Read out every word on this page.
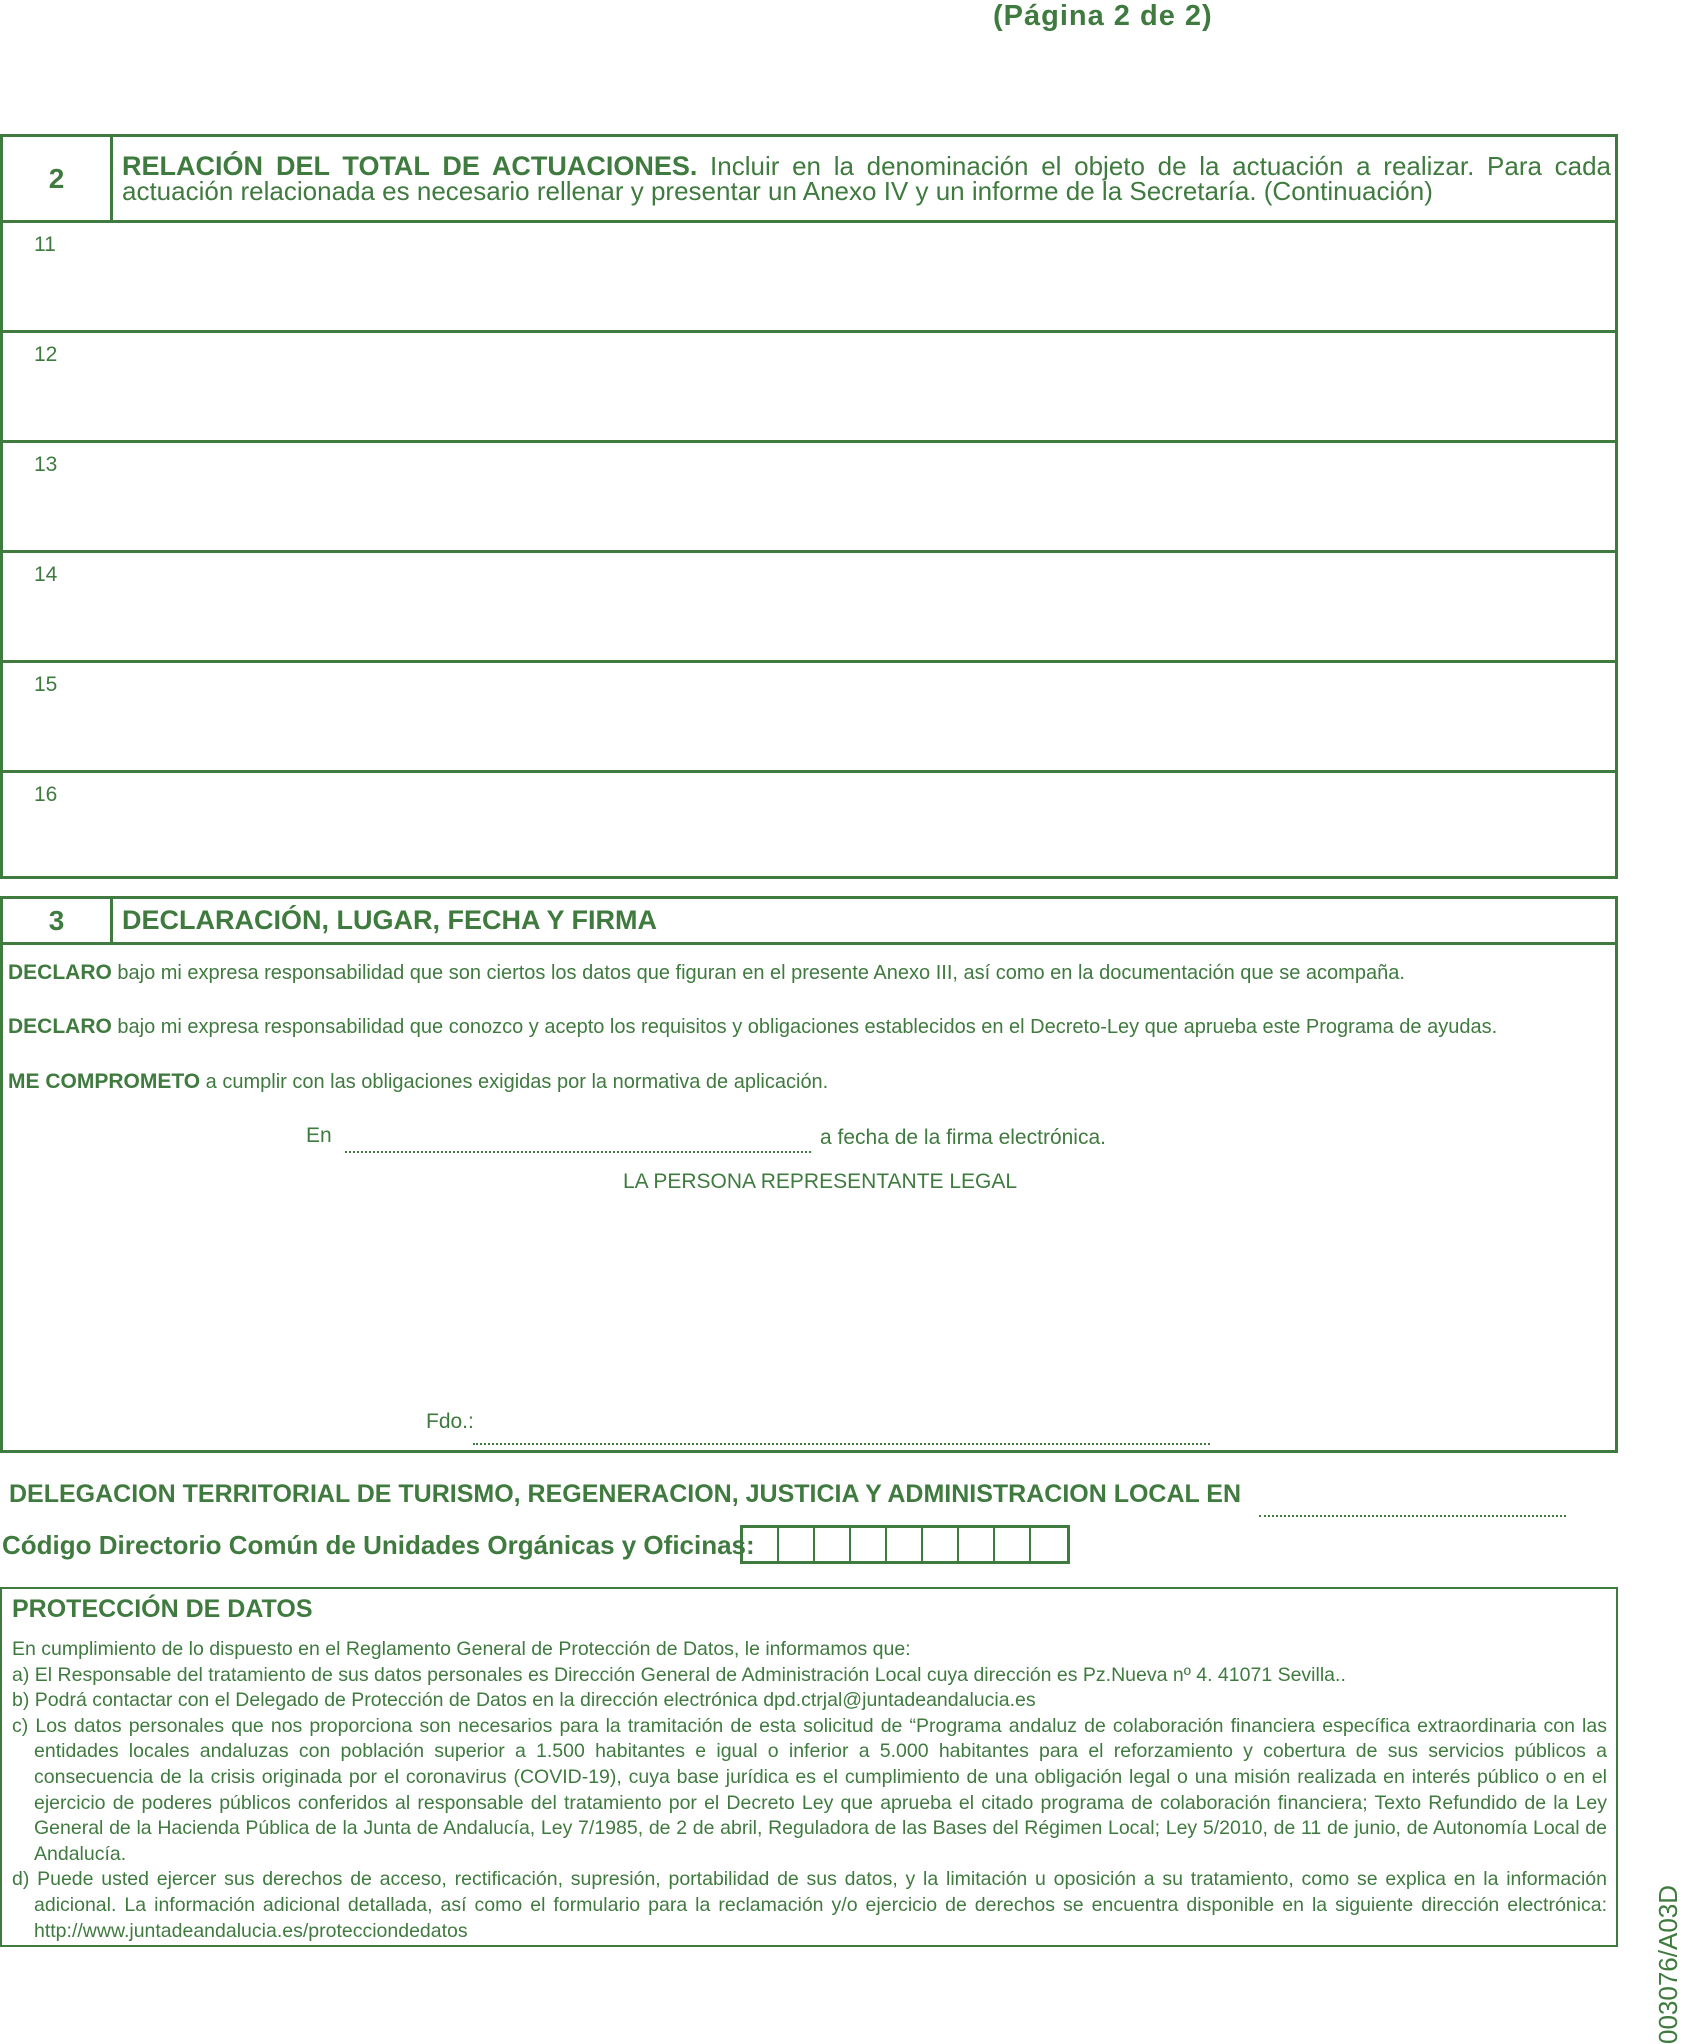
(Página 2 de 2)
2	RELACIÓN DEL TOTAL DE ACTUACIONES. Incluir en la denominación el objeto de la actuación a realizar. Para cada actuación relacionada es necesario rellenar y presentar un Anexo IV y un informe de la Secretaría. (Continuación)
11
12
13
14
15
16
3	DECLARACIÓN, LUGAR, FECHA Y FIRMA
DECLARO bajo mi expresa responsabilidad que son ciertos los datos que figuran en el presente Anexo III, así como en la documentación que se acompaña.
DECLARO bajo mi expresa responsabilidad que conozco y acepto los requisitos y obligaciones establecidos en el Decreto-Ley que aprueba este Programa de ayudas.
ME COMPROMETO a cumplir con las obligaciones exigidas por la normativa de aplicación.
En	a fecha de la firma electrónica.
LA PERSONA REPRESENTANTE LEGAL
Fdo.:
DELEGACION TERRITORIAL DE TURISMO, REGENERACION, JUSTICIA Y ADMINISTRACION LOCAL EN
Código Directorio Común de Unidades Orgánicas y Oficinas:
PROTECCIÓN DE DATOS

En cumplimiento de lo dispuesto en el Reglamento General de Protección de Datos, le informamos que:

a) El Responsable del tratamiento de sus datos personales es Dirección General de Administración Local cuya dirección es Pz.Nueva nº 4. 41071 Sevilla..

b) Podrá contactar con el Delegado de Protección de Datos en la dirección electrónica dpd.ctrjal@juntadeandalucia.es

c) Los datos personales que nos proporciona son necesarios para la tramitación de esta solicitud de “Programa andaluz de colaboración financiera específica extraordinaria con las entidades locales andaluzas con población superior a 1.500 habitantes e igual o inferior a 5.000 habitantes para el reforzamiento y cobertura de sus servicios públicos a consecuencia de la crisis originada por el coronavirus (COVID-19), cuya base jurídica es el cumplimiento de una obligación legal o una misión realizada en interés público o en el ejercicio de poderes públicos conferidos al responsable del tratamiento por el Decreto Ley que aprueba el citado programa de colaboración financiera; Texto Refundido de la Ley General de la Hacienda Pública de la Junta de Andalucía, Ley 7/1985, de 2 de abril, Reguladora de las Bases del Régimen Local; Ley 5/2010, de 11 de junio, de Autonomía Local de Andalucía.

d) Puede usted ejercer sus derechos de acceso, rectificación, supresión, portabilidad de sus datos, y la limitación u oposición a su tratamiento, como se explica en la información adicional. La información adicional detallada, así como el formulario para la reclamación y/o ejercicio de derechos se encuentra disponible en la siguiente dirección electrónica: http://www.juntadeandalucia.es/protecciondedatos	003076/A03D
